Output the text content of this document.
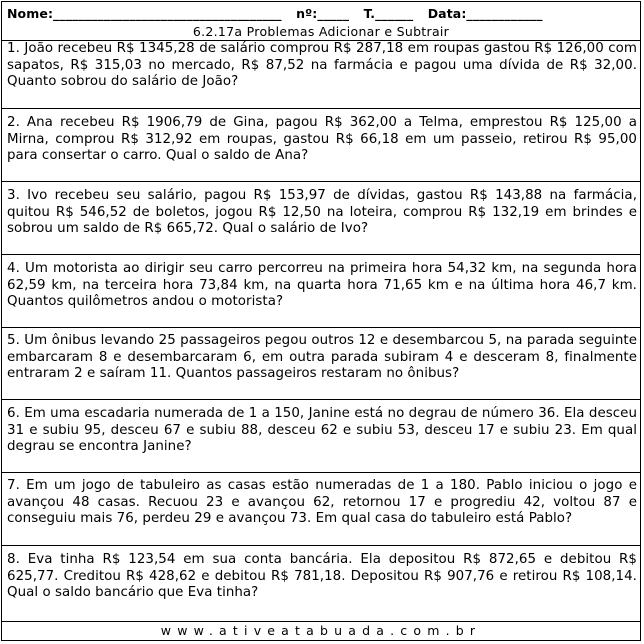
Nome:____________________________________ nº:_____ T.______ Data:____________
6.2.17a Problemas Adicionar e Subtrair

1. João recebeu R$ 1345,28 de salário comprou R$ 287,18 em roupas gastou R$ 126,00 com sapatos, R$ 315,03 no mercado, R$ 87,52 na farmácia e pagou uma dívida de R$ 32,00. Quanto sobrou do salário de João?

2. Ana recebeu R$ 1906,79 de Gina, pagou R$ 362,00 a Telma, emprestou R$ 125,00 a Mirna, comprou R$ 312,92 em roupas, gastou R$ 66,18 em um passeio, retirou R$ 95,00 para consertar o carro. Qual o saldo de Ana?

3. Ivo recebeu seu salário, pagou R$ 153,97 de dívidas, gastou R$ 143,88 na farmácia, quitou R$ 546,52 de boletos, jogou R$ 12,50 na loteira, comprou R$ 132,19 em brindes e sobrou um saldo de R$ 665,72. Qual o salário de Ivo?

4. Um motorista ao dirigir seu carro percorreu na primeira hora 54,32 km, na segunda hora 62,59 km, na terceira hora 73,84 km, na quarta hora 71,65 km e na última hora 46,7 km. Quantos quilômetros andou o motorista?

5. Um ônibus levando 25 passageiros pegou outros 12 e desembarcou 5, na parada seguinte embarcaram 8 e desembarcaram 6, em outra parada subiram 4 e desceram 8, finalmente entraram 2 e saíram 11. Quantos passageiros restaram no ônibus?

6. Em uma escadaria numerada de 1 a 150, Janine está no degrau de número 36. Ela desceu 31 e subiu 95, desceu 67 e subiu 88, desceu 62 e subiu 53, desceu 17 e subiu 23. Em qual degrau se encontra Janine?

7. Em um jogo de tabuleiro as casas estão numeradas de 1 a 180. Pablo iniciou o jogo e avançou 48 casas. Recuou 23 e avançou 62, retornou 17 e progrediu 42, voltou 87 e conseguiu mais 76, perdeu 29 e avançou 73. Em qual casa do tabuleiro está Pablo?

8. Eva tinha R$ 123,54 em sua conta bancária. Ela depositou R$ 872,65 e debitou R$ 625,77. Creditou R$ 428,62 e debitou R$ 781,18. Depositou R$ 907,76 e retirou R$ 108,14. Qual o saldo bancário que Eva tinha?

www.ativeatabuada.com.br
